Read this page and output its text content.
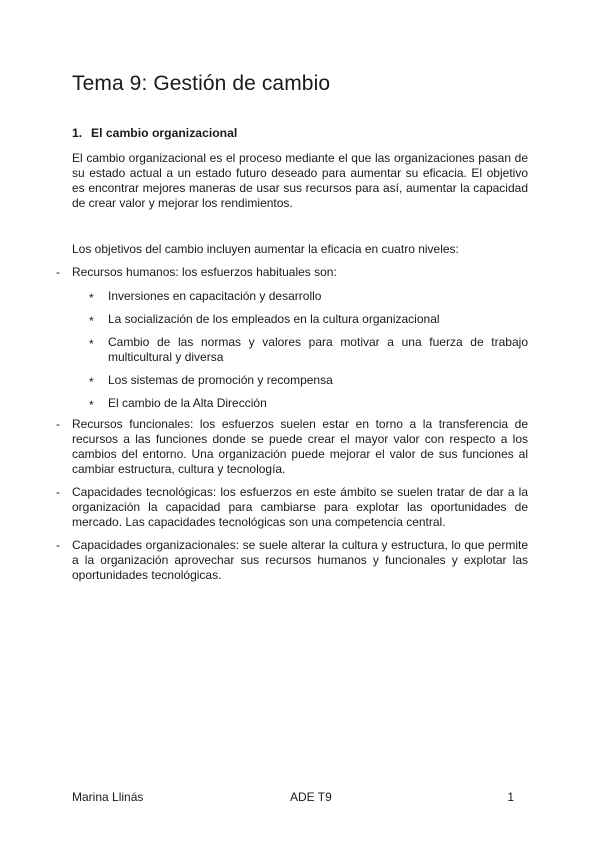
Tema 9: Gestión de cambio
1. El cambio organizacional

El cambio organizacional es el proceso mediante el que las organizaciones pasan de su estado actual a un estado futuro deseado para aumentar su eficacia. El objetivo es encontrar mejores maneras de usar sus recursos para así, aumentar la capacidad de crear valor y mejorar los rendimientos.

Los objetivos del cambio incluyen aumentar la eficacia en cuatro niveles:

- Recursos humanos: los esfuerzos habituales son:
* Inversiones en capacitación y desarrollo
* La socialización de los empleados en la cultura organizacional
* Cambio de las normas y valores para motivar a una fuerza de trabajo multicultural y diversa
* Los sistemas de promoción y recompensa
* El cambio de la Alta Dirección
- Recursos funcionales: los esfuerzos suelen estar en torno a la transferencia de recursos a las funciones donde se puede crear el mayor valor con respecto a los cambios del entorno. Una organización puede mejorar el valor de sus funciones al cambiar estructura, cultura y tecnología.
- Capacidades tecnológicas: los esfuerzos en este ámbito se suelen tratar de dar a la organización la capacidad para cambiarse para explotar las oportunidades de mercado. Las capacidades tecnológicas son una competencia central.
- Capacidades organizacionales: se suele alterar la cultura y estructura, lo que permite a la organización aprovechar sus recursos humanos y funcionales y explotar las oportunidades tecnológicas.
Marina Llinás	ADE T9	1
